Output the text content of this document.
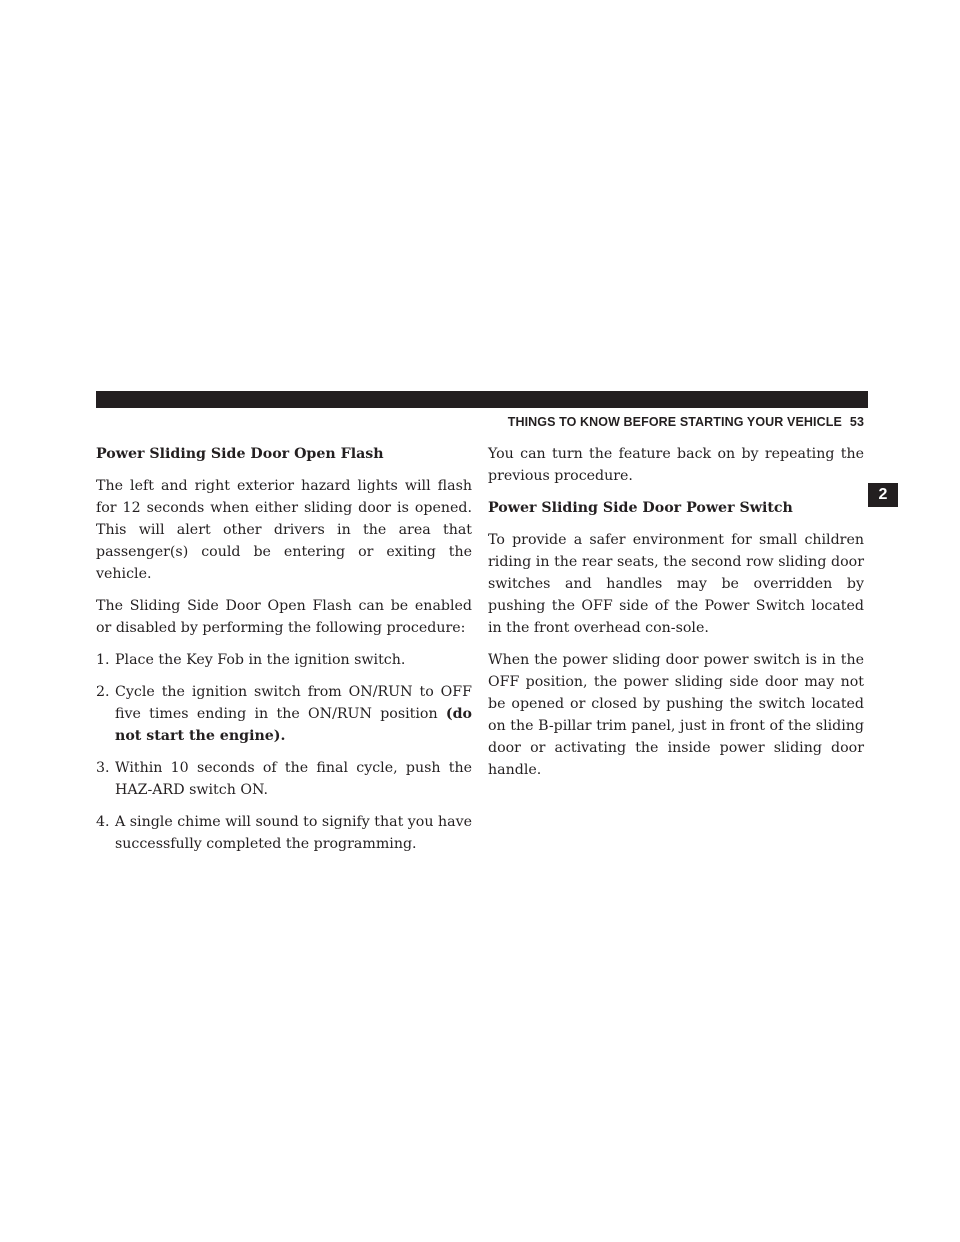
THINGS TO KNOW BEFORE STARTING YOUR VEHICLE 53
2
Power Sliding Side Door Open Flash

The left and right exterior hazard lights will flash for 12 seconds when either sliding door is opened. This will alert other drivers in the area that passenger(s) could be entering or exiting the vehicle.

The Sliding Side Door Open Flash can be enabled or disabled by performing the following procedure:

1. Place the Key Fob in the ignition switch.
2. Cycle the ignition switch from ON/RUN to OFF five times ending in the ON/RUN position (do not start the engine).
3. Within 10 seconds of the final cycle, push the HAZ-ARD switch ON.
4. A single chime will sound to signify that you have successfully completed the programming.

You can turn the feature back on by repeating the previous procedure.

Power Sliding Side Door Power Switch

To provide a safer environment for small children riding in the rear seats, the second row sliding door switches and handles may be overridden by pushing the OFF side of the Power Switch located in the front overhead con-sole.

When the power sliding door power switch is in the OFF position, the power sliding side door may not be opened or closed by pushing the switch located on the B-pillar trim panel, just in front of the sliding door or activating the inside power sliding door handle.
